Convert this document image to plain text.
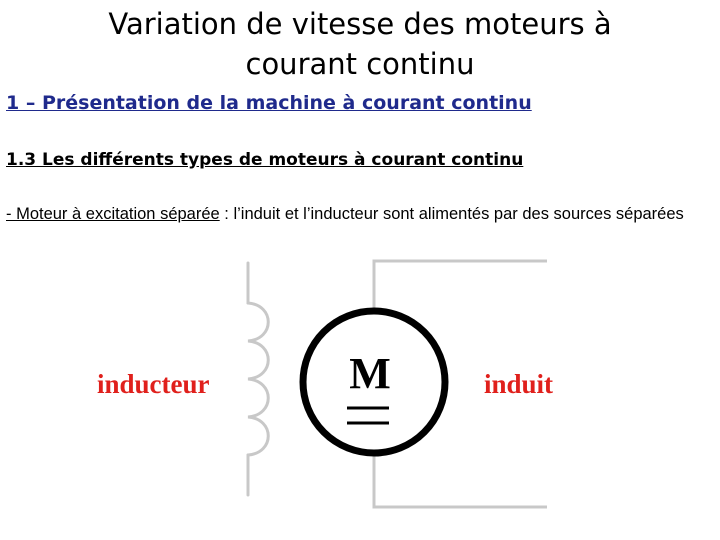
Variation de vitesse des moteurs à
courant continu
1 – Présentation de la machine à courant continu
1.3 Les différents types de moteurs à courant continu

- Moteur à excitation séparée : l’induit et l’inducteur sont alimentés par des sources séparées

M
inducteur	induit
